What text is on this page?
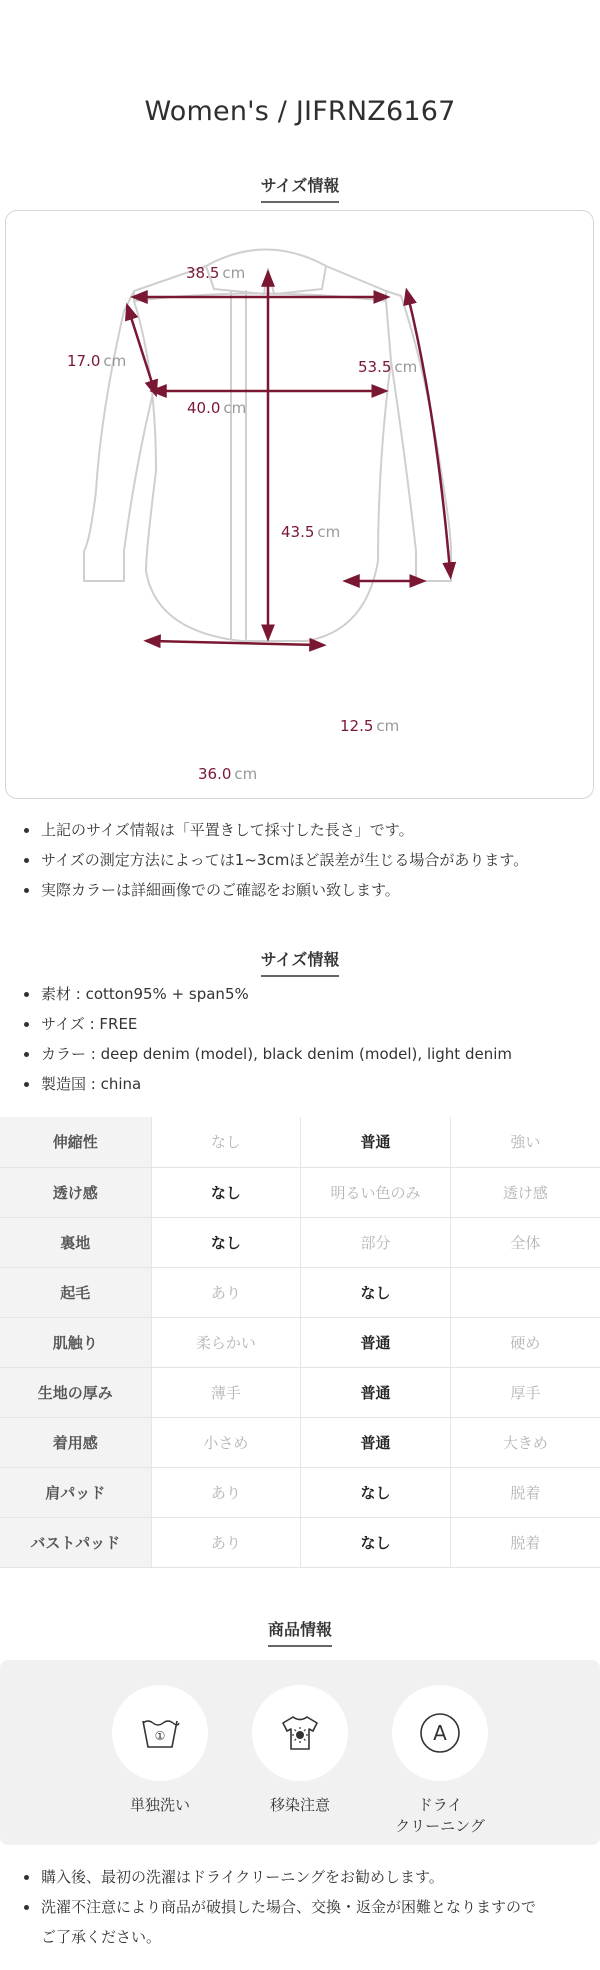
Women's / JIFRNZ6167
サイズ情報
38.5 cm
17.0 cm	53.5 cm
40.0 cm
43.5 cm
12.5 cm
36.0 cm
上記のサイズ情報は「平置きして採寸した長さ」です。
サイズの測定方法によっては1~3cmほど誤差が生じる場合があります。
実際カラーは詳細画像でのご確認をお願い致します。
サイズ情報
素材 : cotton95% + span5%
サイズ : FREE
カラー : deep denim (model), black denim (model), light denim
製造国 : china
伸縮性	なし	普通	強い
透け感	なし	明るい色のみ	透け感
裏地	なし	部分	全体
起毛	あり	なし	
肌触り	柔らかい	普通	硬め
生地の厚み	薄手	普通	厚手
着用感	小さめ	普通	大きめ
肩パッド	あり	なし	脱着
バストパッド	あり	なし	脱着
商品情報
①
単独洗い	移染注意
A
ドライ
クリーニング
購入後、最初の洗濯はドライクリーニングをお勧めします。
洗濯不注意により商品が破損した場合、交換・返金が困難となりますので
ご了承ください。
